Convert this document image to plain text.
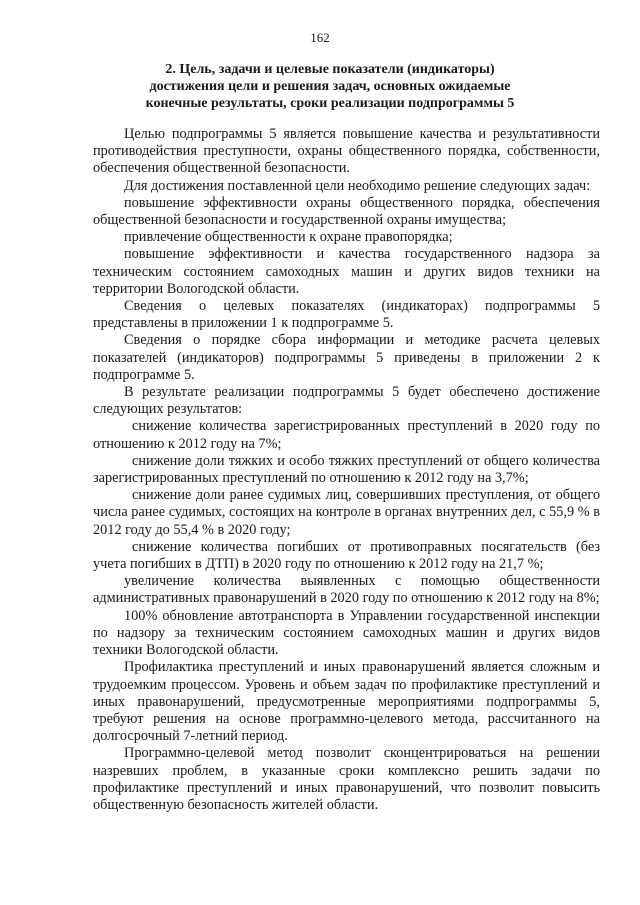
162
2. Цель, задачи и целевые показатели (индикаторы)
достижения цели и решения задач, основных ожидаемые
конечные результаты, сроки реализации подпрограммы 5

Целью подпрограммы 5 является повышение качества и результативности противодействия преступности, охраны общественного порядка, собственности, обеспечения общественной безопасности.

Для достижения поставленной цели необходимо решение следующих задач:

повышение эффективности охраны общественного порядка, обеспечения общественной безопасности и государственной охраны имущества;

привлечение общественности к охране правопорядка;

повышение эффективности и качества государственного надзора за техническим состоянием самоходных машин и других видов техники на территории Вологодской области.

Сведения о целевых показателях (индикаторах) подпрограммы 5 представлены в приложении 1 к подпрограмме 5.

Сведения о порядке сбора информации и методике расчета целевых показателей (индикаторов) подпрограммы 5 приведены в приложении 2 к подпрограмме 5.

В результате реализации подпрограммы 5 будет обеспечено достижение следующих результатов:

снижение количества зарегистрированных преступлений в 2020 году по отношению к 2012 году на 7%;

снижение доли тяжких и особо тяжких преступлений от общего количества зарегистрированных преступлений по отношению к 2012 году на 3,7%;

снижение доли ранее судимых лиц, совершивших преступления, от общего числа ранее судимых, состоящих на контроле в органах внутренних дел, с 55,9 % в 2012 году до 55,4 % в 2020 году;

снижение количества погибших от противоправных посягательств (без учета погибших в ДТП) в 2020 году по отношению к 2012 году на 21,7 %;

увеличение количества выявленных с помощью общественности административных правонарушений в 2020 году по отношению к 2012 году на 8%;

100% обновление автотранспорта в Управлении государственной инспекции по надзору за техническим состоянием самоходных машин и других видов техники Вологодской области.

Профилактика преступлений и иных правонарушений является сложным и трудоемким процессом. Уровень и объем задач по профилактике преступлений и иных правонарушений, предусмотренные мероприятиями подпрограммы 5, требуют решения на основе программно-целевого метода, рассчитанного на долгосрочный 7-летний период.

Программно-целевой метод позволит сконцентрироваться на решении назревших проблем, в указанные сроки комплексно решить задачи по профилактике преступлений и иных правонарушений, что позволит повысить общественную безопасность жителей области.
